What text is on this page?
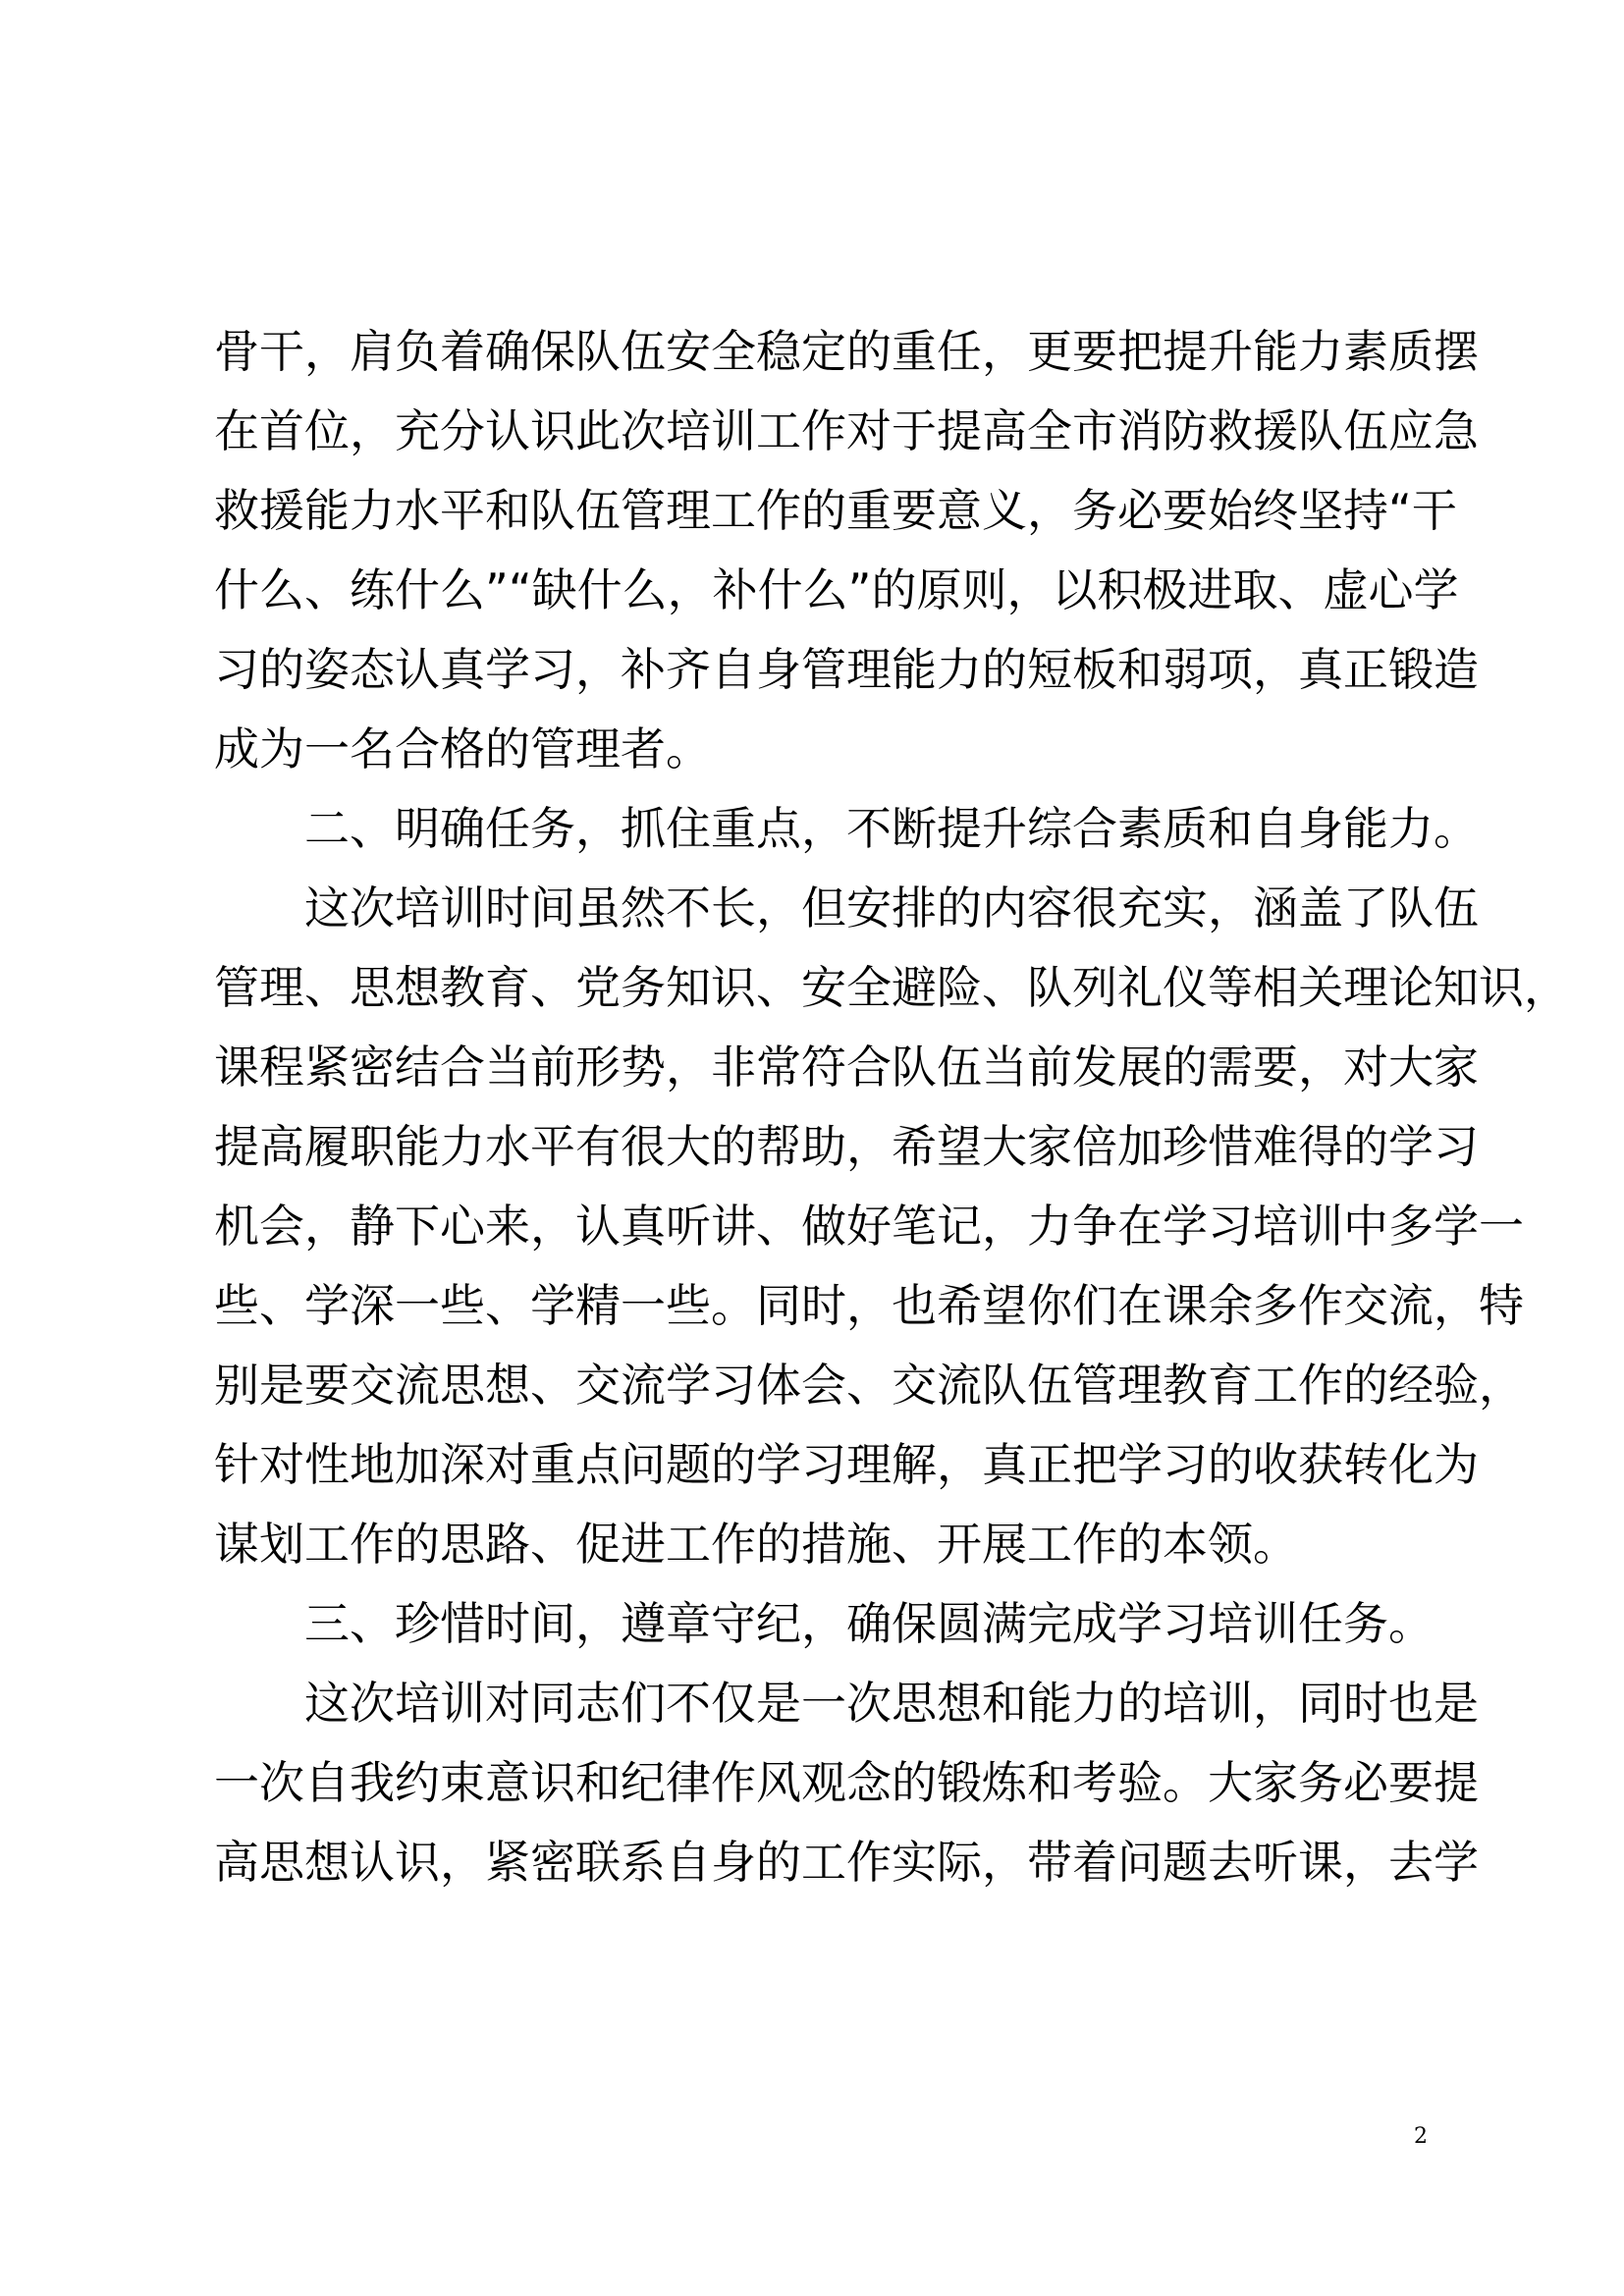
骨干，肩负着确保队伍安全稳定的重任，更要把提升能力素质摆
在首位，充分认识此次培训工作对于提高全市消防救援队伍应急
救援能力水平和队伍管理工作的重要意义，务必要始终坚持“干
什么、练什么”“缺什么，补什么”的原则，以积极进取、虚心学
习的姿态认真学习，补齐自身管理能力的短板和弱项，真正锻造
成为一名合格的管理者。
二、明确任务，抓住重点，不断提升综合素质和自身能力。
这次培训时间虽然不长，但安排的内容很充实，涵盖了队伍
管理、思想教育、党务知识、安全避险、队列礼仪等相关理论知识，
课程紧密结合当前形势，非常符合队伍当前发展的需要，对大家
提高履职能力水平有很大的帮助，希望大家倍加珍惜难得的学习
机会，静下心来，认真听讲、做好笔记，力争在学习培训中多学一
些、学深一些、学精一些。同时，也希望你们在课余多作交流，特
别是要交流思想、交流学习体会、交流队伍管理教育工作的经验，
针对性地加深对重点问题的学习理解，真正把学习的收获转化为
谋划工作的思路、促进工作的措施、开展工作的本领。
三、珍惜时间，遵章守纪，确保圆满完成学习培训任务。
这次培训对同志们不仅是一次思想和能力的培训，同时也是
一次自我约束意识和纪律作风观念的锻炼和考验。大家务必要提
高思想认识，紧密联系自身的工作实际，带着问题去听课，去学
2
